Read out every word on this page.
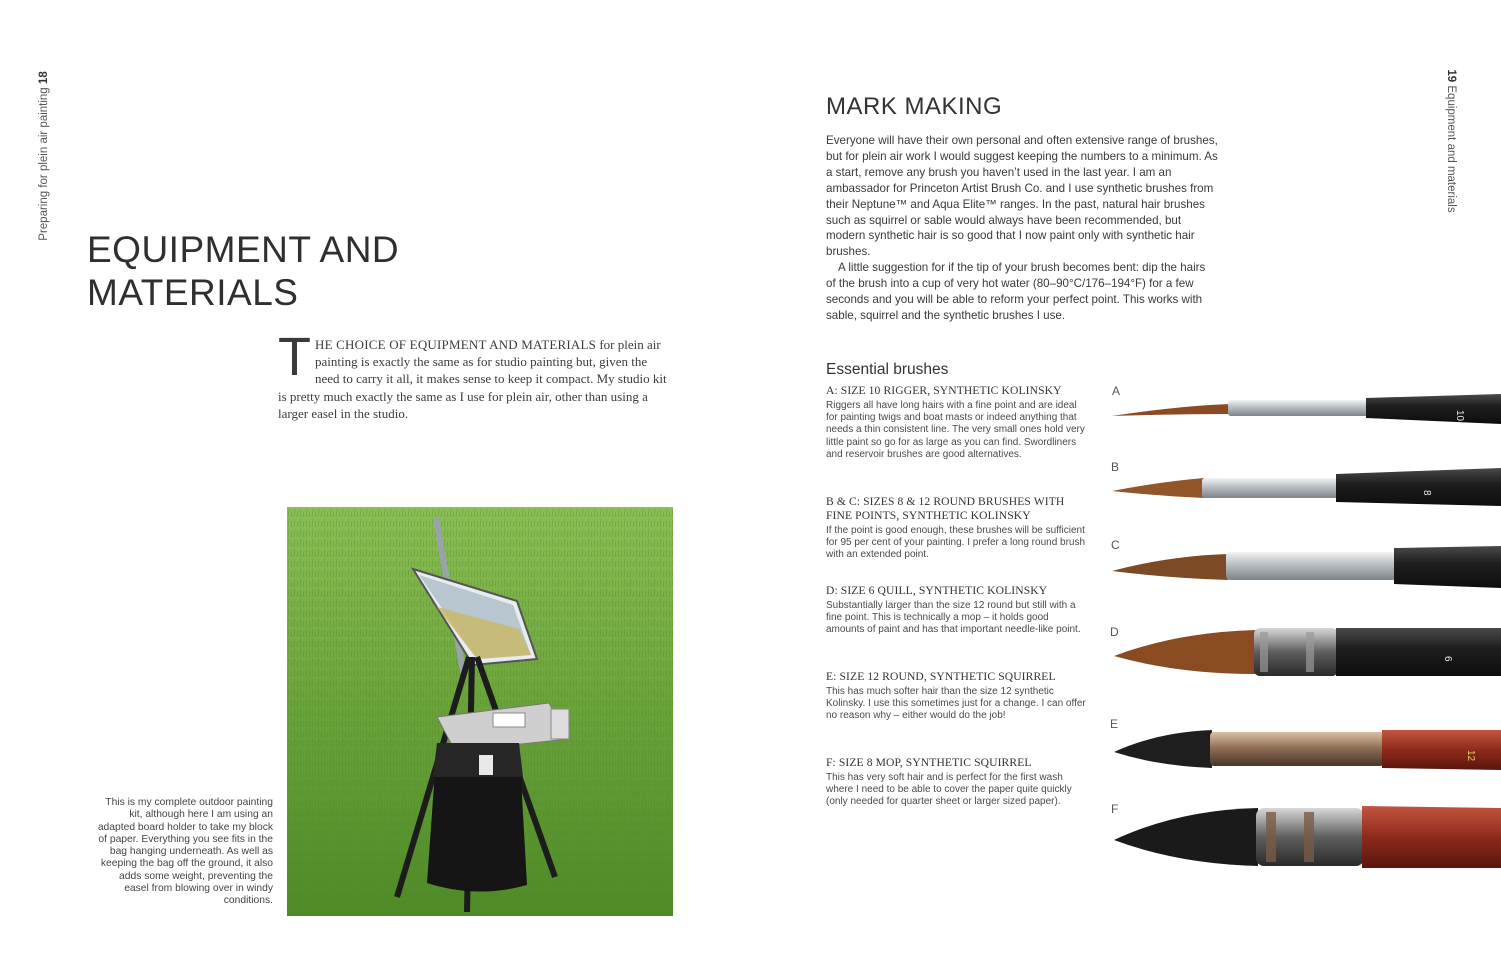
Preparing for plein air painting 18	19 Equipment and materials
EQUIPMENT AND
MATERIALS
T HE CHOICE OF EQUIPMENT AND MATERIALS for plein air painting is exactly the same as for studio painting but, given the need to carry it all, it makes sense to keep it compact. My studio kit is pretty much exactly the same as I use for plein air, other than using a larger easel in the studio.
This is my complete outdoor painting kit, although here I am using an adapted board holder to take my block of paper. Everything you see fits in the bag hanging underneath. As well as keeping the bag off the ground, it also adds some weight, preventing the easel from blowing over in windy conditions.
MARK MAKING

Everyone will have their own personal and often extensive range of brushes, but for plein air work I would suggest keeping the numbers to a minimum. As a start, remove any brush you haven’t used in the last year. I am an ambassador for Princeton Artist Brush Co. and I use synthetic brushes from their Neptune™ and Aqua Elite™ ranges. In the past, natural hair brushes such as squirrel or sable would always have been recommended, but modern synthetic hair is so good that I now paint only with synthetic hair brushes.

A little suggestion for if the tip of your brush becomes bent: dip the hairs of the brush into a cup of very hot water (80–90°C/176–194°F) for a few seconds and you will be able to reform your perfect point. This works with sable, squirrel and the synthetic brushes I use.

Essential brushes
A: SIZE 10 RIGGER, SYNTHETIC KOLINSKY
Riggers all have long hairs with a fine point and are ideal for painting twigs and boat masts or indeed anything that needs a thin consistent line. The very small ones hold very little paint so go for as large as you can find. Swordliners and reservoir brushes are good alternatives.
B & C: SIZES 8 & 12 ROUND BRUSHES WITH FINE POINTS, SYNTHETIC KOLINSKY
If the point is good enough, these brushes will be sufficient for 95 per cent of your painting. I prefer a long round brush with an extended point.
D: SIZE 6 QUILL, SYNTHETIC KOLINSKY
Substantially larger than the size 12 round but still with a fine point. This is technically a mop – it holds good amounts of paint and has that important needle-like point.
E: SIZE 12 ROUND, SYNTHETIC SQUIRREL
This has much softer hair than the size 12 synthetic Kolinsky. I use this sometimes just for a change. I can offer no reason why – either would do the job!
F: SIZE 8 MOP, SYNTHETIC SQUIRREL
This has very soft hair and is perfect for the first wash where I need to be able to cover the paper quite quickly (only needed for quarter sheet or larger sized paper).
A
B
C
D
E
F
10
8
6
12
